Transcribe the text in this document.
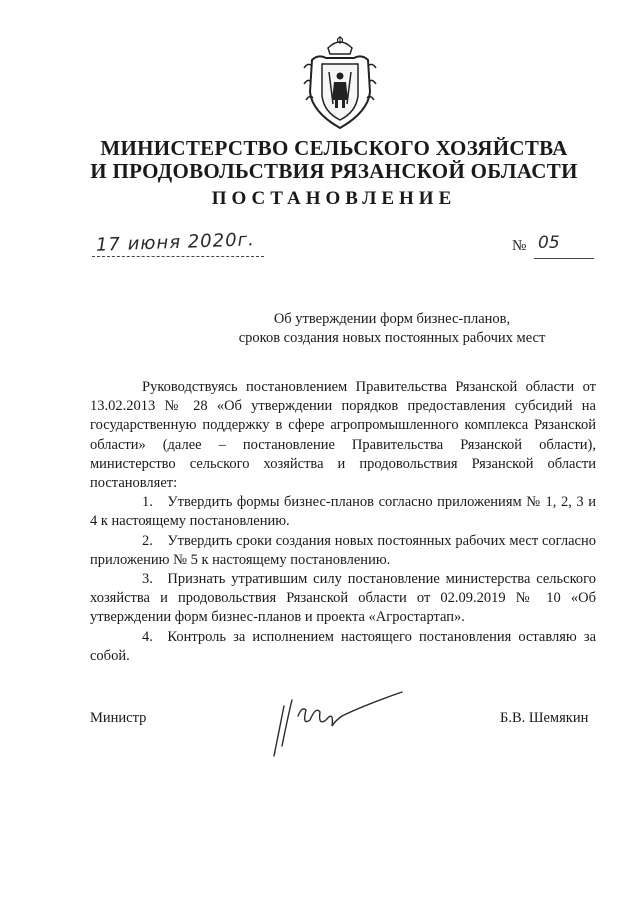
МИНИСТЕРСТВО СЕЛЬСКОГО ХОЗЯЙСТВА
И ПРОДОВОЛЬСТВИЯ РЯЗАНСКОЙ ОБЛАСТИ
ПОСТАНОВЛЕНИЕ
17 июня 2020г.	№ 05
Об утверждении форм бизнес-планов,
сроков создания новых постоянных рабочих мест

Руководствуясь постановлением Правительства Рязанской области от 13.02.2013 № 28 «Об утверждении порядков предоставления субсидий на государственную поддержку в сфере агропромышленного комплекса Рязанской области» (далее – постановление Правительства Рязанской области), министерство сельского хозяйства и продовольствия Рязанской области постановляет:

1. Утвердить формы бизнес-планов согласно приложениям № 1, 2, 3 и 4 к настоящему постановлению.

2. Утвердить сроки создания новых постоянных рабочих мест согласно приложению № 5 к настоящему постановлению.

3. Признать утратившим силу постановление министерства сельского хозяйства и продовольствия Рязанской области от 02.09.2019 № 10 «Об утверждении форм бизнес-планов и проекта «Агростартап».

4. Контроль за исполнением настоящего постановления оставляю за собой.

Министр	Б.В. Шемякин
